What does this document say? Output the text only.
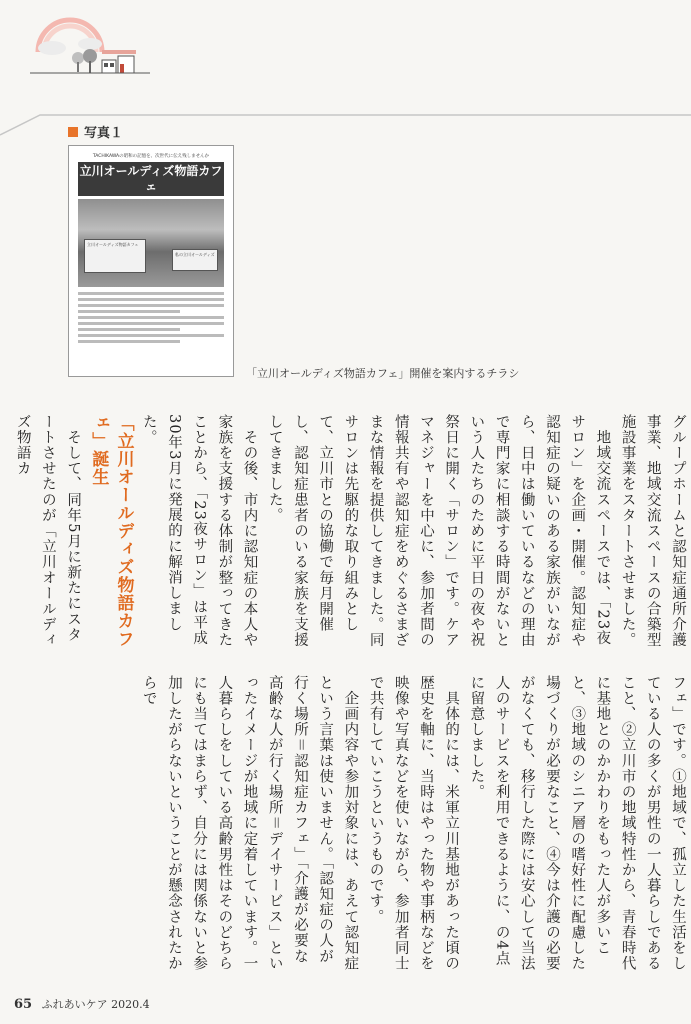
写真１
TACHIKAWAの昭和の記憶を、次世代に伝え残しませんか
立川オールディズ物語カフェ
立川オールディズ物語カフェ
私の立川オールディズ
「立川オールディズ物語カフェ」開催を案内するチラシ

グループホームと認知症通所介護事業、地域交流スペースの合築型施設事業をスタートさせました。

　地域交流スペースでは、「23夜サロン」を企画・開催。認知症や認知症の疑いのある家族がいながら、日中は働いているなどの理由で専門家に相談する時間がないという人たちのために平日の夜や祝祭日に開く「サロン」です。ケアマネジャーを中心に、参加者間の情報共有や認知症をめぐるさまざまな情報を提供してきました。同サロンは先駆的な取り組みとして、立川市との協働で毎月開催し、認知症患者のいる家族を支援してきました。

　その後、市内に認知症の本人や家族を支援する体制が整ってきたことから、「23夜サロン」は平成30年3月に発展的に解消しました。

「立川オールディズ物語カフェ」誕生

　そして、同年5月に新たにスタートさせたのが「立川オールディズ物語カ

フェ」です。①地域で、孤立した生活をしている人の多くが男性の一人暮らしであること、②立川市の地域特性から、青春時代に基地とのかかわりをもった人が多いこと、③地域のシニア層の嗜好性に配慮した場づくりが必要なこと、④今は介護の必要がなくても、移行した際には安心して当法人のサービスを利用できるように、の4点に留意しました。

　具体的には、米軍立川基地があった頃の歴史を軸に、当時はやった物や事柄などを映像や写真などを使いながら、参加者同士で共有していこうというものです。

　企画内容や参加対象には、あえて認知症という言葉は使いません。「認知症の人が行く場所＝認知症カフェ」「介護が必要な高齢な人が行く場所＝デイサービス」といったイメージが地域に定着しています。一人暮らしをしている高齢男性はそのどちらにも当てはまらず、自分には関係ないと参加したがらないということが懸念されたからで

65 ふれあいケア 2020.4
